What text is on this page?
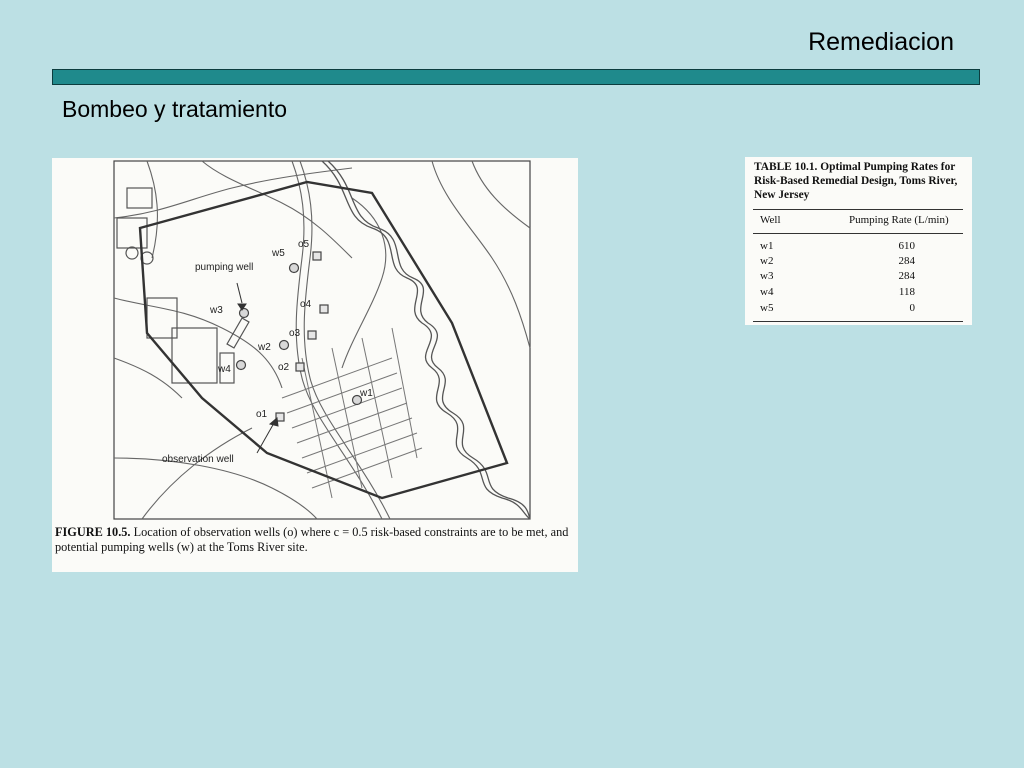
Remediacion
Bombeo y tratamiento
pumping well
observation well
w1
w2
w3
w4
w5
o1
o2
o3
o4
o5
FIGURE 10.5. Location of observation wells (o) where c = 0.5 risk-based constraints are to be met, and potential pumping wells (w) at the Toms River site.
TABLE 10.1. Optimal Pumping Rates for Risk-Based Remedial Design, Toms River, New Jersey
Well	Pumping Rate (L/min)
w1	610
w2	284
w3	284
w4	118
w5	0
